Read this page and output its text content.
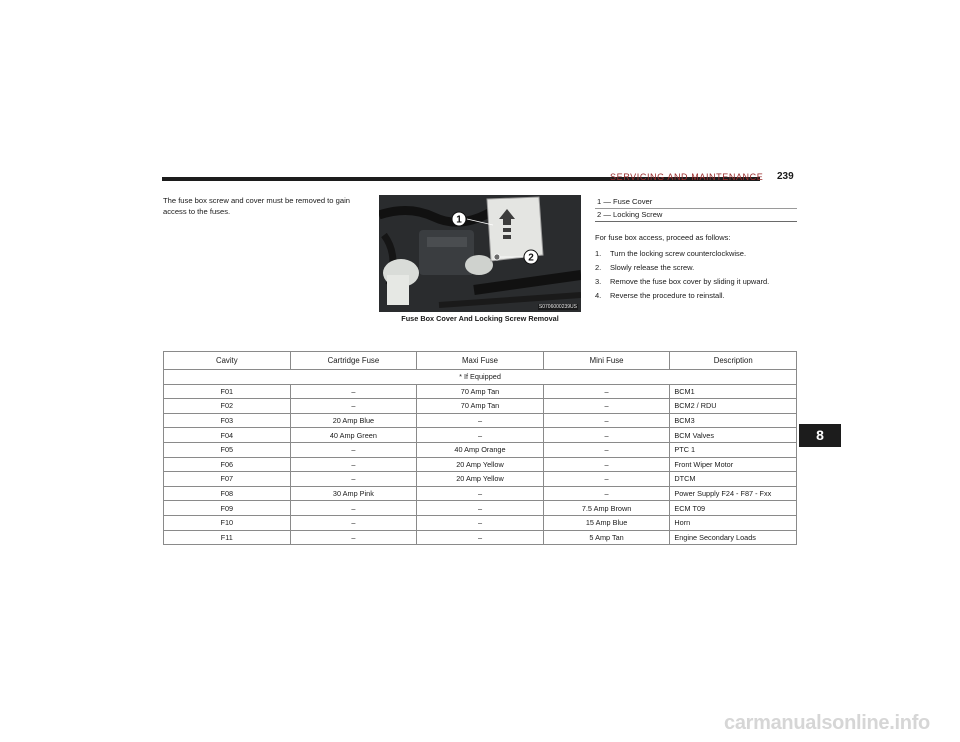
SERVICING AND MAINTENANCE 239
The fuse box screw and cover must be removed to gain access to the fuses.
1
2
S0706000239US
Fuse Box Cover And Locking Screw Removal
1 — Fuse Cover
2 — Locking Screw
For fuse box access, proceed as follows:
1.	Turn the locking screw counterclockwise.
2.	Slowly release the screw.
3.	Remove the fuse box cover by sliding it upward.
4.	Reverse the procedure to reinstall.
Cavity	Cartridge Fuse	Maxi Fuse	Mini Fuse	Description
* If Equipped				
F01	–	70 Amp Tan	–	BCM1
F02	–	70 Amp Tan	–	BCM2 / RDU
F03	20 Amp Blue	–	–	BCM3
F04	40 Amp Green	–	–	BCM Valves
F05	–	40 Amp Orange	–	PTC 1
F06	–	20 Amp Yellow	–	Front Wiper Motor
F07	–	20 Amp Yellow	–	DTCM
F08	30 Amp Pink	–	–	Power Supply F24 - F87 - Fxx
F09	–	–	7.5 Amp Brown	ECM T09
F10	–	–	15 Amp Blue	Horn
F11	–	–	5 Amp Tan	Engine Secondary Loads
8
carmanualsonline.info
